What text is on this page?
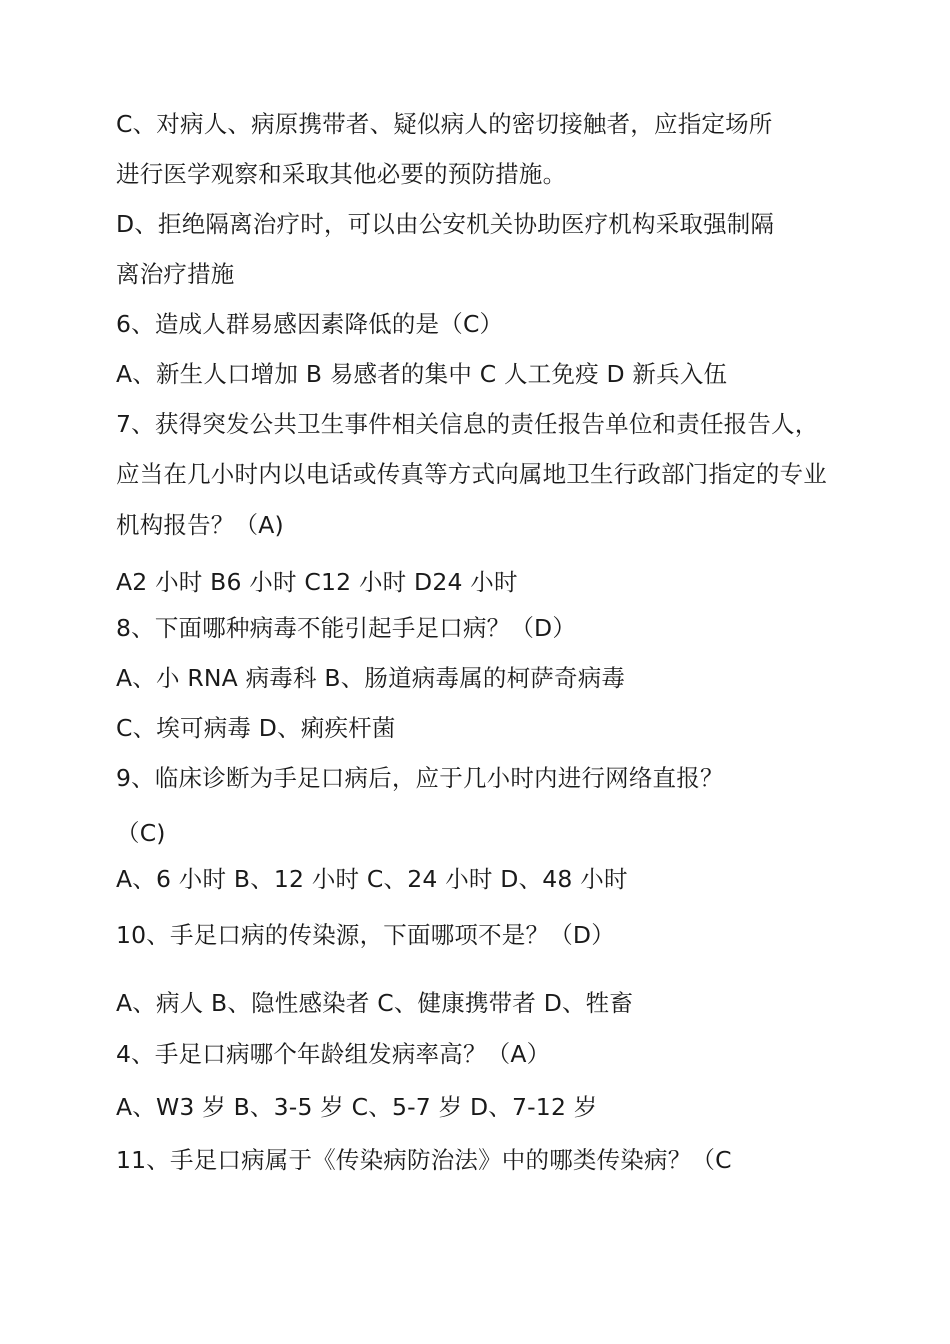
C、对病人、病原携带者、疑似病人的密切接触者，应指定场所
进行医学观察和采取其他必要的预防措施。
D、拒绝隔离治疗时，可以由公安机关协助医疗机构采取强制隔
离治疗措施
6、造成人群易感因素降低的是（C）
A、新生人口增加 B 易感者的集中 C 人工免疫 D 新兵入伍
7、获得突发公共卫生事件相关信息的责任报告单位和责任报告人，
应当在几小时内以电话或传真等方式向属地卫生行政部门指定的专业
机构报告？（A)
A2 小时 B6 小时 C12 小时 D24 小时
8、下面哪种病毒不能引起手足口病？（D）
A、小 RNA 病毒科 B、肠道病毒属的柯萨奇病毒
C、埃可病毒 D、痢疾杆菌
9、临床诊断为手足口病后，应于几小时内进行网络直报？
（C)
A、6 小时 B、12 小时 C、24 小时 D、48 小时
10、手足口病的传染源，下面哪项不是？（D）
A、病人 B、隐性感染者 C、健康携带者 D、牲畜
4、手足口病哪个年龄组发病率高？（A）
A、W3 岁 B、3-5 岁 C、5-7 岁 D、7-12 岁
11、手足口病属于《传染病防治法》中的哪类传染病？（C
